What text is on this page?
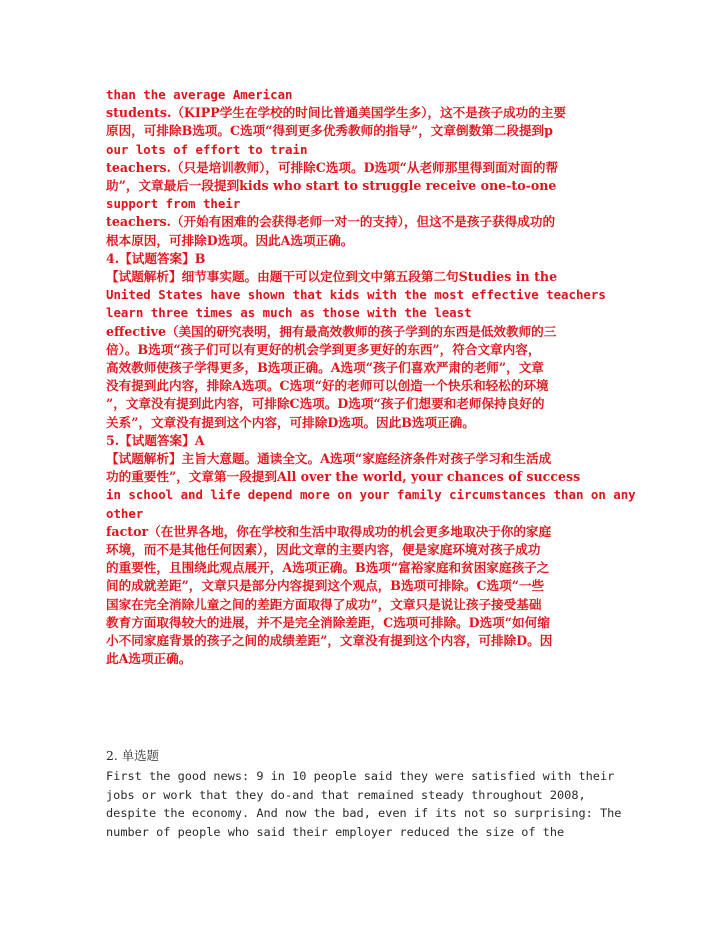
than the average American

students.（KIPP学生在学校的时间比普通美国学生多），这不是孩子成功的主要

原因，可排除B选项。C选项“得到更多优秀教师的指导”，文章倒数第二段提到p

our lots of effort to train

teachers.（只是培训教师），可排除C选项。D选项“从老师那里得到面对面的帮

助”，文章最后一段提到kids who start to struggle receive one-to-one

support from their

teachers.（开始有困难的会获得老师一对一的支持），但这不是孩子获得成功的

根本原因，可排除D选项。因此A选项正确。

4.【试题答案】B

【试题解析】细节事实题。由题干可以定位到文中第五段第二句Studies in the

United States have shown that kids with the most effective teachers

learn three times as much as those with the least

effective（美国的研究表明，拥有最高效教师的孩子学到的东西是低效教师的三

倍）。B选项“孩子们可以有更好的机会学到更多更好的东西”，符合文章内容，

高效教师使孩子学得更多，B选项正确。A选项“孩子们喜欢严肃的老师”，文章

没有提到此内容，排除A选项。C选项“好的老师可以创造一个快乐和轻松的环境

”，文章没有提到此内容，可排除C选项。D选项“孩子们想要和老师保持良好的

关系”，文章没有提到这个内容，可排除D选项。因此B选项正确。

5.【试题答案】A

【试题解析】主旨大意题。通读全文。A选项“家庭经济条件对孩子学习和生活成

功的重要性”，文章第一段提到All over the world, your chances of success

in school and life depend more on your family circumstances than on any

other

factor（在世界各地，你在学校和生活中取得成功的机会更多地取决于你的家庭

环境，而不是其他任何因素），因此文章的主要内容，便是家庭环境对孩子成功

的重要性，且围绕此观点展开，A选项正确。B选项“富裕家庭和贫困家庭孩子之

间的成就差距”，文章只是部分内容提到这个观点，B选项可排除。C选项“一些

国家在完全消除儿童之间的差距方面取得了成功”，文章只是说让孩子接受基础

教育方面取得较大的进展，并不是完全消除差距，C选项可排除。D选项“如何缩

小不同家庭背景的孩子之间的成绩差距”，文章没有提到这个内容，可排除D。因

此A选项正确。

2. 单选题

First the good news: 9 in 10 people said they were satisfied with their

jobs or work that they do-and that remained steady throughout 2008,

despite the economy. And now the bad, even if its not so surprising: The

number of people who said their employer reduced the size of the
